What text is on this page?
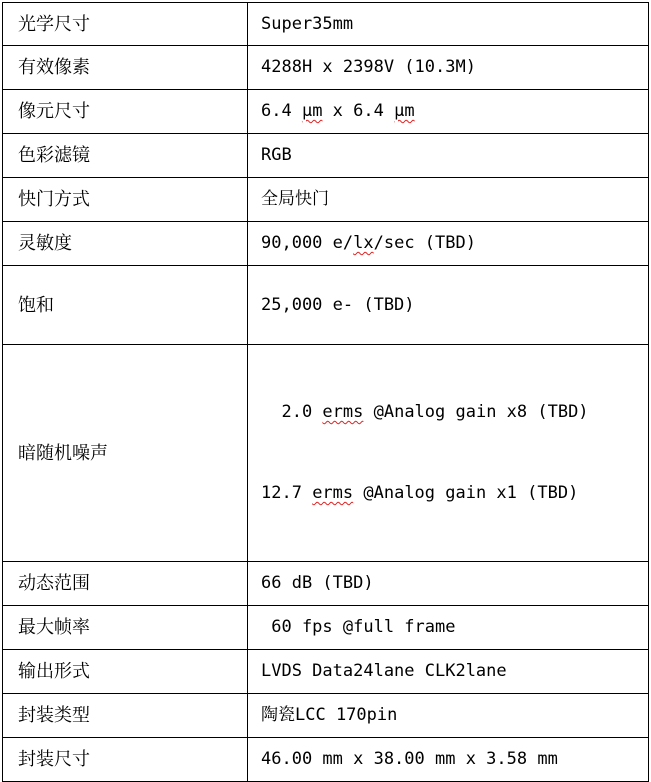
光学尺寸	Super35mm
有效像素	4288H x 2398V (10.3M)
像元尺寸	6.4 μm x 6.4 μm
色彩滤镜	RGB
快门方式	全局快门
灵敏度	90,000 e/lx/sec (TBD)
饱和	25,000 e- (TBD)
暗随机噪声	2.0 erms @Analog gain x8 (TBD)

12.7 erms @Analog gain x1 (TBD)

动态范围	66 dB (TBD)
最大帧率	60 fps @full frame
输出形式	LVDS Data24lane CLK2lane
封装类型	陶瓷LCC 170pin
封装尺寸	46.00 mm x 38.00 mm x 3.58 mm
